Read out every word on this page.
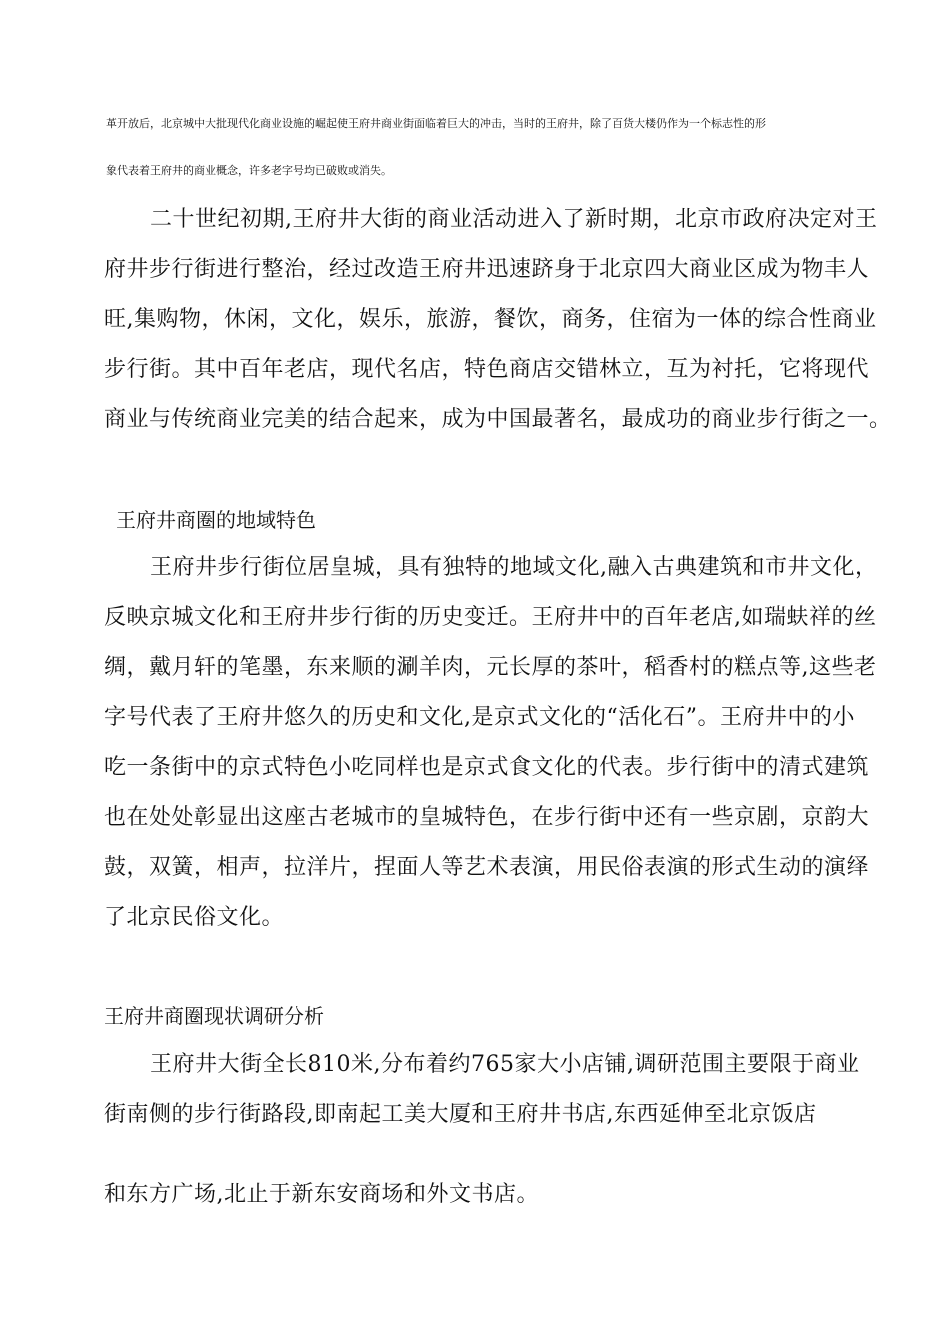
革开放后，北京城中大批现代化商业设施的崛起使王府井商业街面临着巨大的冲击，当时的王府井，除了百货大楼仍作为一个标志性的形
象代表着王府井的商业概念，许多老字号均已破败或消失。
二十世纪初期,王府井大街的商业活动进入了新时期，北京市政府决定对王
府井步行街进行整治，经过改造王府井迅速跻身于北京四大商业区成为物丰人
旺,集购物，休闲，文化，娱乐，旅游，餐饮，商务，住宿为一体的综合性商业
步行街。其中百年老店，现代名店，特色商店交错林立，互为衬托，它将现代
商业与传统商业完美的结合起来，成为中国最著名，最成功的商业步行街之一。
王府井商圈的地域特色
王府井步行街位居皇城，具有独特的地域文化,融入古典建筑和市井文化，
反映京城文化和王府井步行街的历史变迁。王府井中的百年老店,如瑞蚨祥的丝
绸，戴月轩的笔墨，东来顺的涮羊肉，元长厚的茶叶，稻香村的糕点等,这些老
字号代表了王府井悠久的历史和文化,是京式文化的“活化石”。王府井中的小
吃一条街中的京式特色小吃同样也是京式食文化的代表。步行街中的清式建筑
也在处处彰显出这座古老城市的皇城特色，在步行街中还有一些京剧，京韵大
鼓，双簧，相声，拉洋片，捏面人等艺术表演，用民俗表演的形式生动的演绎
了北京民俗文化。
王府井商圈现状调研分析
王府井大街全长810米,分布着约765家大小店铺,调研范围主要限于商业
街南侧的步行街路段,即南起工美大厦和王府井书店,东西延伸至北京饭店
和东方广场,北止于新东安商场和外文书店。
